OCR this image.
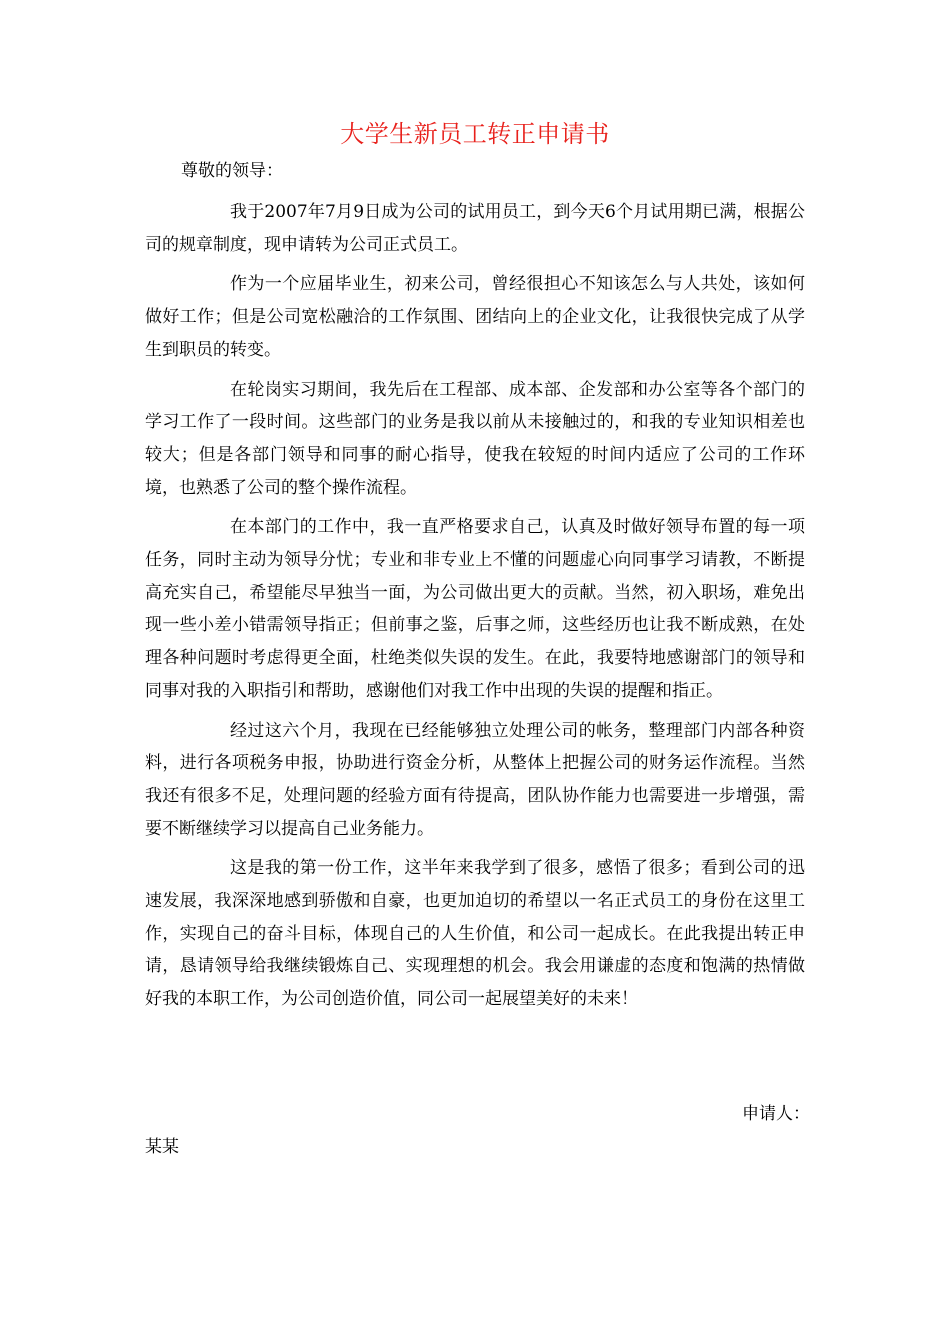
大学生新员工转正申请书
尊敬的领导：

我于2007年7月9日成为公司的试用员工，到今天6个月试用期已满，根据公司的规章制度，现申请转为公司正式员工。

作为一个应届毕业生，初来公司，曾经很担心不知该怎么与人共处，该如何做好工作；但是公司宽松融洽的工作氛围、团结向上的企业文化，让我很快完成了从学生到职员的转变。

在轮岗实习期间，我先后在工程部、成本部、企发部和办公室等各个部门的学习工作了一段时间。这些部门的业务是我以前从未接触过的，和我的专业知识相差也较大；但是各部门领导和同事的耐心指导，使我在较短的时间内适应了公司的工作环境，也熟悉了公司的整个操作流程。

在本部门的工作中，我一直严格要求自己，认真及时做好领导布置的每一项任务，同时主动为领导分忧；专业和非专业上不懂的问题虚心向同事学习请教，不断提高充实自己，希望能尽早独当一面，为公司做出更大的贡献。当然，初入职场，难免出现一些小差小错需领导指正；但前事之鉴，后事之师，这些经历也让我不断成熟，在处理各种问题时考虑得更全面，杜绝类似失误的发生。在此，我要特地感谢部门的领导和同事对我的入职指引和帮助，感谢他们对我工作中出现的失误的提醒和指正。

经过这六个月，我现在已经能够独立处理公司的帐务，整理部门内部各种资料，进行各项税务申报，协助进行资金分析，从整体上把握公司的财务运作流程。当然我还有很多不足，处理问题的经验方面有待提高，团队协作能力也需要进一步增强，需要不断继续学习以提高自己业务能力。

这是我的第一份工作，这半年来我学到了很多，感悟了很多；看到公司的迅速发展，我深深地感到骄傲和自豪，也更加迫切的希望以一名正式员工的身份在这里工作，实现自己的奋斗目标，体现自己的人生价值，和公司一起成长。在此我提出转正申请，恳请领导给我继续锻炼自己、实现理想的机会。我会用谦虚的态度和饱满的热情做好我的本职工作，为公司创造价值，同公司一起展望美好的未来！

申请人：
某某
